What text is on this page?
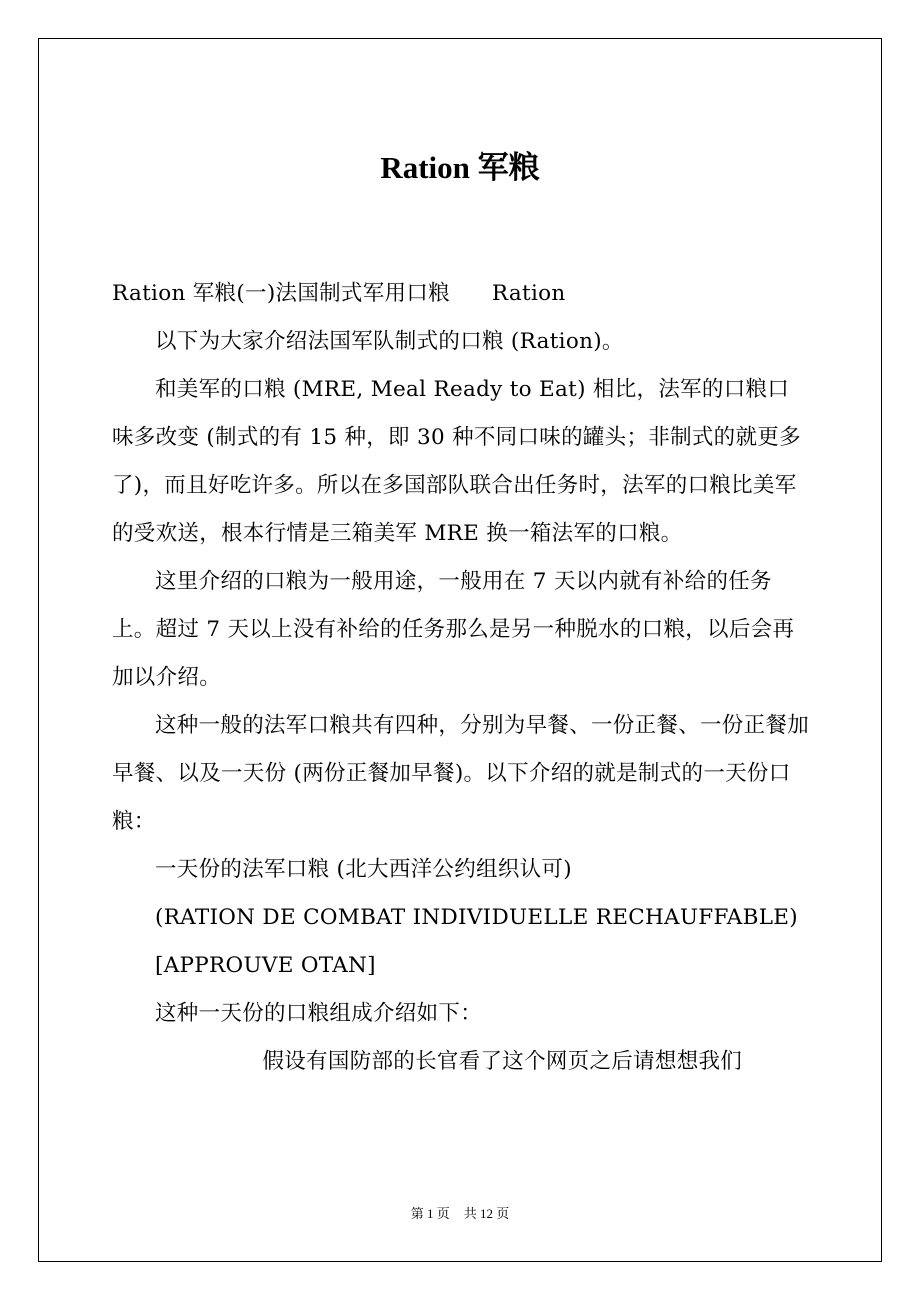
Ration 军粮

Ration 军粮(一)法国制式军用口粮 Ration

以下为大家介绍法国军队制式的口粮 (Ration)。

和美军的口粮 (MRE, Meal Ready to Eat) 相比，法军的口粮口味多改变 (制式的有 15 种，即 30 种不同口味的罐头；非制式的就更多了)，而且好吃许多。所以在多国部队联合出任务时，法军的口粮比美军的受欢送，根本行情是三箱美军 MRE 换一箱法军的口粮。

这里介绍的口粮为一般用途，一般用在 7 天以内就有补给的任务上。超过 7 天以上没有补给的任务那么是另一种脱水的口粮，以后会再加以介绍。

这种一般的法军口粮共有四种，分别为早餐、一份正餐、一份正餐加早餐、以及一天份 (两份正餐加早餐)。以下介绍的就是制式的一天份口粮：

一天份的法军口粮 (北大西洋公约组织认可)

(RATION DE COMBAT INDIVIDUELLE RECHAUFFABLE)

[APPROUVE OTAN]

这种一天份的口粮组成介绍如下：

假设有国防部的长官看了这个网页之后请想想我们

第 1 页 共 12 页
